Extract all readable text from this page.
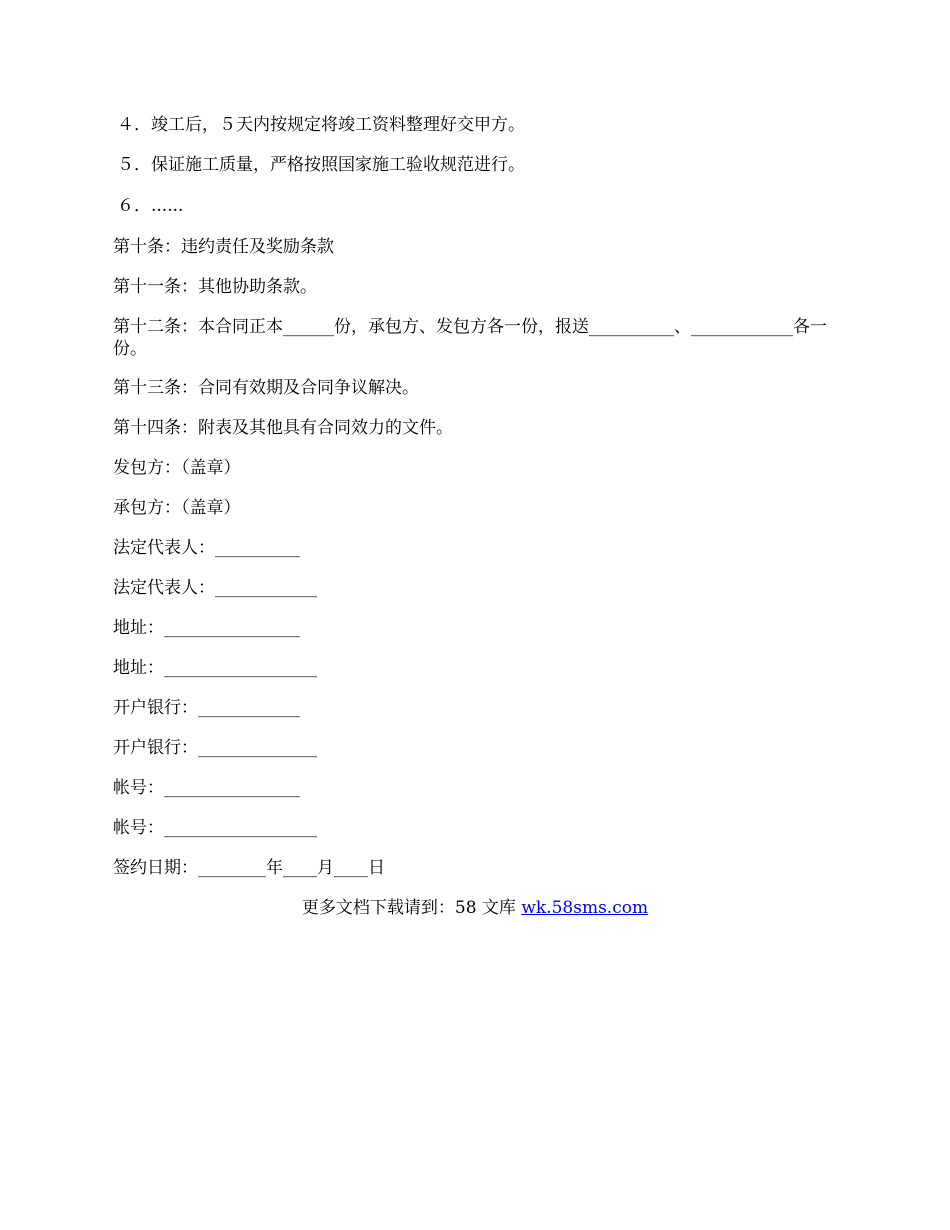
４．竣工后，５天内按规定将竣工资料整理好交甲方。
５．保证施工质量，严格按照国家施工验收规范进行。
６．......
第十条：违约责任及奖励条款
第十一条：其他协助条款。
第十二条：本合同正本______份，承包方、发包方各一份，报送__________、____________各一份。
第十三条：合同有效期及合同争议解决。
第十四条：附表及其他具有合同效力的文件。
发包方：（盖章）
承包方：（盖章）
法定代表人：__________
法定代表人：____________
地址：________________
地址：__________________
开户银行：____________
开户银行：______________
帐号：________________
帐号：__________________
签约日期：________年____月____日
更多文档下载请到：58 文库 wk.58sms.com
